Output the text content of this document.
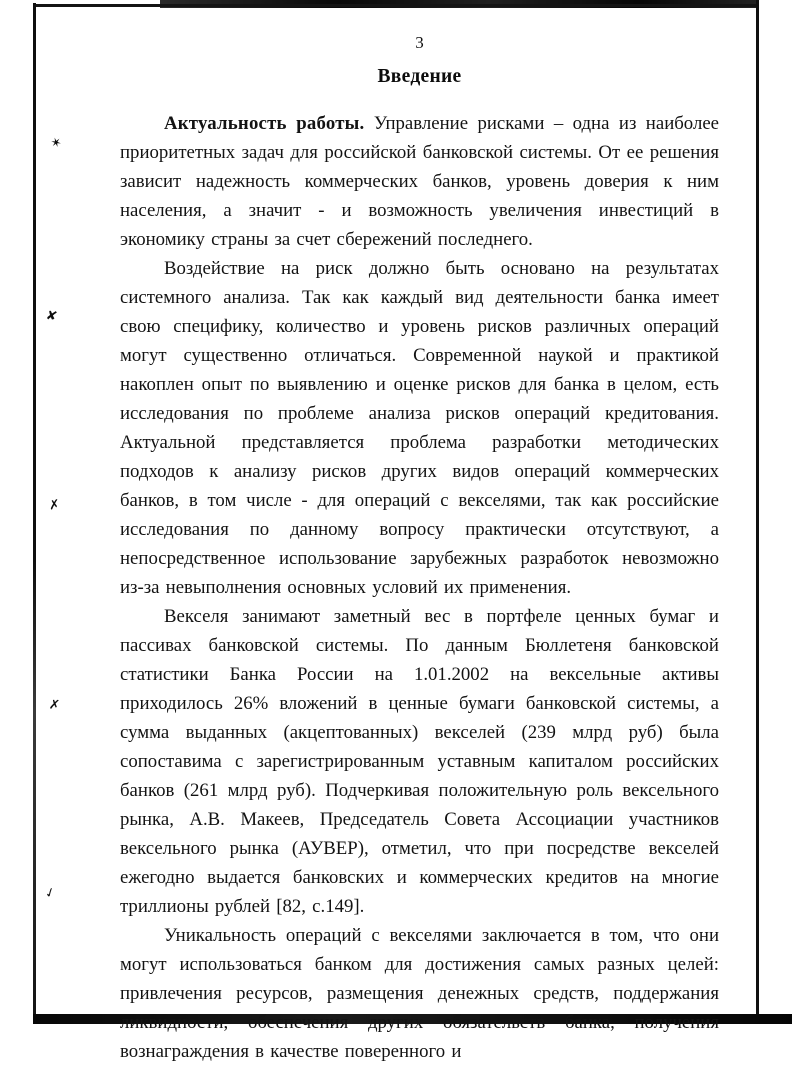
✶
✘
✗
✗
✓
3
Введение

Актуальность работы. Управление рисками – одна из наиболее приоритетных задач для российской банковской системы. От ее решения зависит надежность коммерческих банков, уровень доверия к ним населения, а значит - и возможность увеличения инвестиций в экономику страны за счет сбережений последнего.

Воздействие на риск должно быть основано на результатах системного анализа. Так как каждый вид деятельности банка имеет свою специфику, количество и уровень рисков различных операций могут существенно отличаться. Современной наукой и практикой накоплен опыт по выявлению и оценке рисков для банка в целом, есть исследования по проблеме анализа рисков операций кредитования. Актуальной представляется проблема разработки методических подходов к анализу рисков других видов операций коммерческих банков, в том числе - для операций с векселями, так как российские исследования по данному вопросу практически отсутствуют, а непосредственное использование зарубежных разработок невозможно из-за невыполнения основных условий их применения.

Векселя занимают заметный вес в портфеле ценных бумаг и пассивах банковской системы. По данным Бюллетеня банковской статистики Банка России на 1.01.2002 на вексельные активы приходилось 26% вложений в ценные бумаги банковской системы, а сумма выданных (акцептованных) векселей (239 млрд руб) была сопоставима с зарегистрированным уставным капиталом российских банков (261 млрд руб). Подчеркивая положительную роль вексельного рынка, А.В. Макеев, Председатель Совета Ассоциации участников вексельного рынка (АУВЕР), отметил, что при посредстве векселей ежегодно выдается банковских и коммерческих кредитов на многие триллионы рублей [82, с.149].

Уникальность операций с векселями заключается в том, что они могут использоваться банком для достижения самых разных целей: привлечения ресурсов, размещения денежных средств, поддержания ликвидности, обеспечения других обязательств банка, получения вознаграждения в качестве поверенного и
